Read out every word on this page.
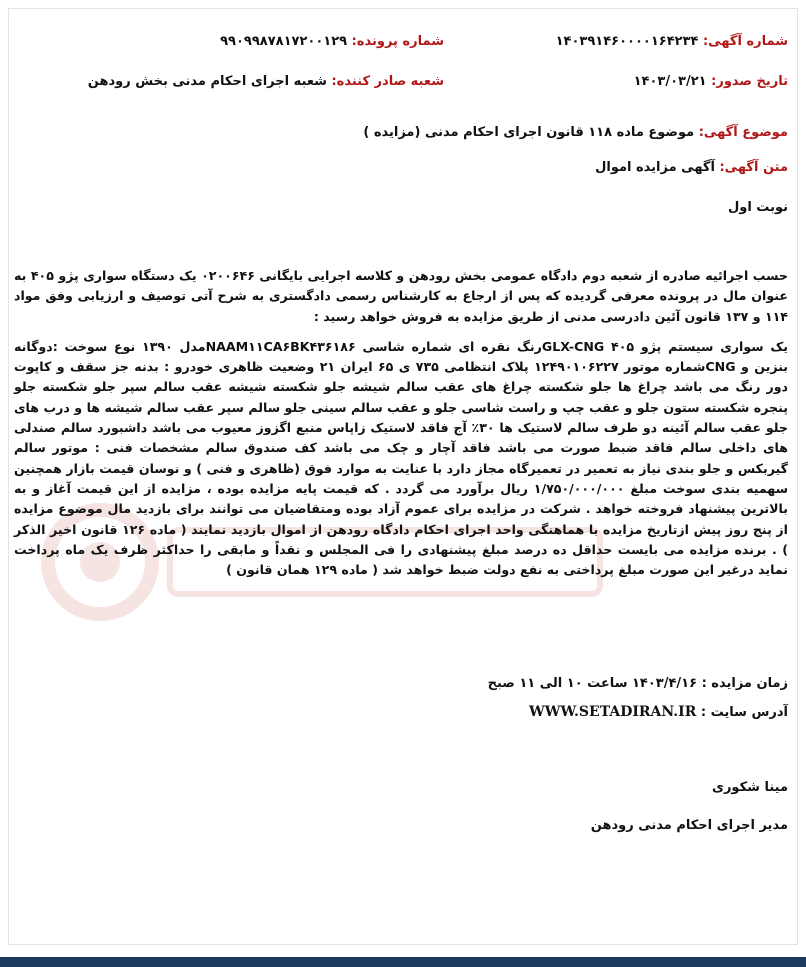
شماره آگهی: ۱۴۰۳۹۱۴۶۰۰۰۰۱۶۴۲۳۴
شماره پرونده: ۹۹۰۹۹۸۷۸۱۷۲۰۰۱۲۹
تاریخ صدور: ۱۴۰۳/۰۳/۲۱
شعبه صادر کننده: شعبه اجرای احکام مدنی بخش رودهن
موضوع آگهی: موضوع ماده ۱۱۸ قانون اجرای احکام مدنی (مزایده )
متن آگهی: آگهی مزایده اموال
نوبت اول

حسب اجرائیه صادره از شعبه دوم دادگاه عمومی بخش رودهن و کلاسه اجرایی بایگانی ۰۲۰۰۶۴۶ یک دستگاه سواری پژو ۴۰۵ به عنوان مال در پرونده معرفی گردیده که پس از ارجاع به کارشناس رسمی دادگستری به شرح آتی توصیف و ارزیابی وفق مواد ۱۱۴ و ۱۳۷ قانون آئین دادرسی مدنی از طریق مزایده به فروش خواهد رسید :

یک سواری سیستم پژو ۴۰۵ GLX-CNGرنگ نقره ای شماره شاسی NAAM۱۱CA۶BK۴۳۶۱۸۶مدل ۱۳۹۰ نوع سوخت :دوگانه بنزین و CNGشماره موتور ۱۲۴۹۰۱۰۶۲۲۷ پلاک انتظامی ۷۳۵ ی ۶۵ ایران ۲۱ وضعیت ظاهری خودرو : بدنه جز سقف و کاپوت دور رنگ می باشد چراغ ها جلو شکسته چراغ های عقب سالم شیشه جلو شکسته شیشه عقب سالم سپر جلو شکسته جلو پنجره شکسته ستون جلو و عقب چپ و راست شاسی جلو و عقب سالم سینی جلو سالم سپر عقب سالم شیشه ها و درب های جلو عقب سالم آئینه دو طرف سالم لاستیک ها ۳۰٪ آج فاقد لاستیک زاپاس منبع اگزوز معیوب می باشد داشبورد سالم صندلی های داخلی سالم فاقد ضبط صورت می باشد فاقد آچار و چک می باشد کف صندوق سالم مشخصات فنی : موتور سالم گیربکس و جلو بندی نیاز به تعمیر در تعمیرگاه مجاز دارد با عنایت به موارد فوق (ظاهری و فنی ) و نوسان قیمت بازار همچنین سهمیه بندی سوخت مبلغ ۱/۷۵۰/۰۰۰/۰۰۰ ریال برآورد می گردد . که قیمت پایه مزایده بوده ، مزایده از این قیمت آغاز و به بالاترین پیشنهاد فروخته خواهد . شرکت در مزایده برای عموم آزاد بوده ومتقاضیان می توانند برای بازدید مال موضوع مزایده از پنج روز پیش ازتاریخ مزایده با هماهنگی واحد اجرای احکام دادگاه رودهن از اموال بازدید نمایند ( ماده ۱۲۶ قانون اخیر الذکر ) . برنده مزایده می بایست حداقل ده درصد مبلغ پیشنهادی را فی المجلس و نقداً و مابقی را حداکثر ظرف یک ماه پرداخت نماید درغیر این صورت مبلغ پرداختی به نفع دولت ضبط خواهد شد ( ماده ۱۲۹ همان قانون )

زمان مزایده : ۱۴۰۳/۴/۱۶ ساعت ۱۰ الی ۱۱ صبح
آدرس سایت : WWW.SETADIRAN.IR
مینا شکوری
مدیر اجرای احکام مدنی رودهن
